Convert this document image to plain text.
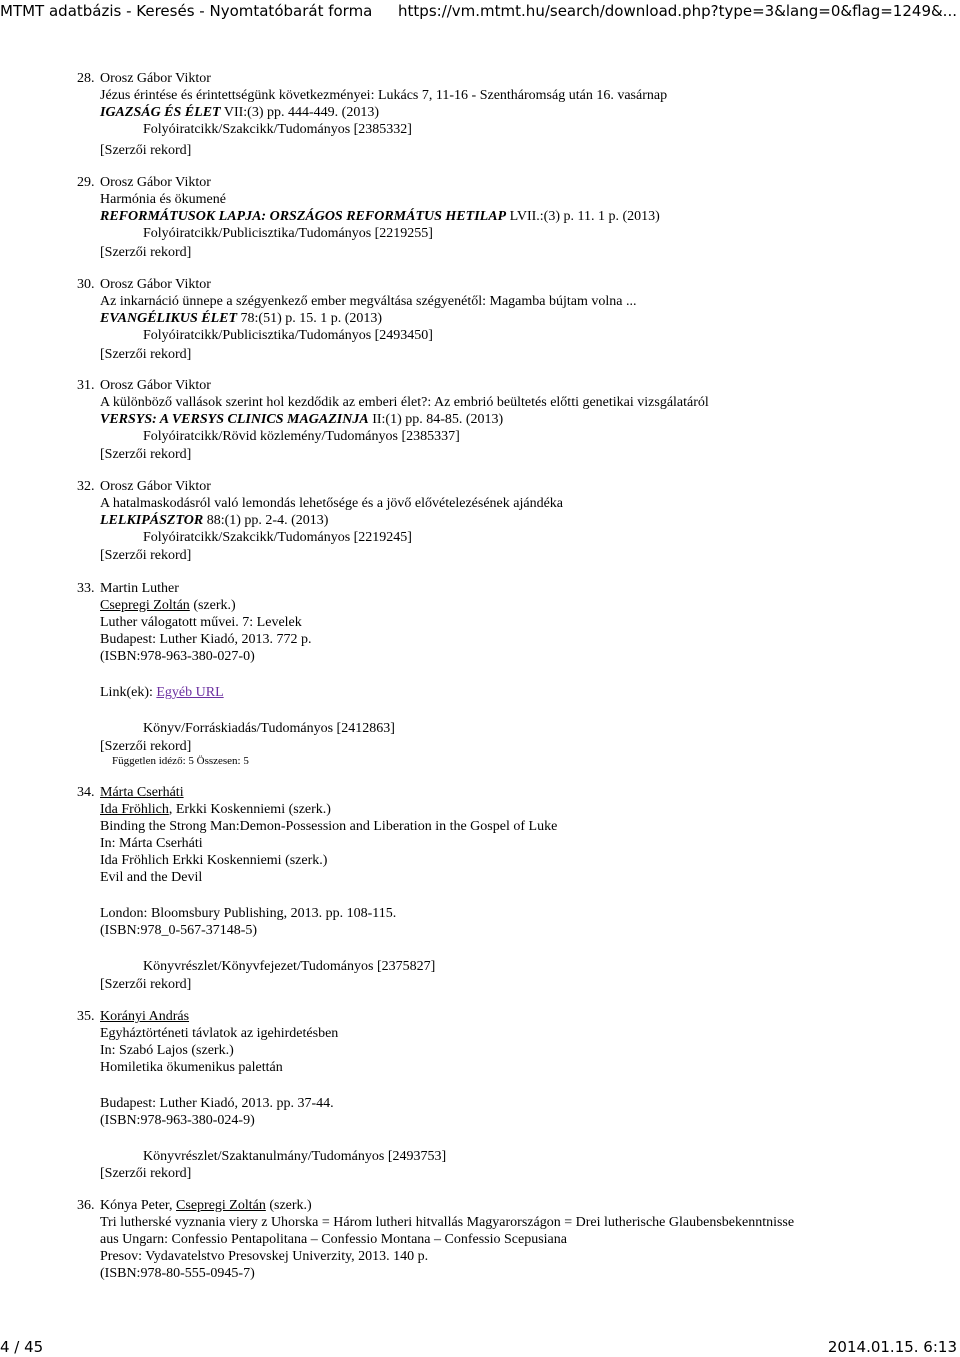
MTMT adatbázis - Keresés - Nyomtatóbarát forma https://vm.mtmt.hu/search/download.php?type=3&lang=0&flag=1249&...
28. Orosz Gábor Viktor
Jézus érintése és érintettségünk következményei: Lukács 7, 11-16 - Szentháromság után 16. vasárnap
IGAZSÁG ÉS ÉLET VII:(3) pp. 444-449. (2013)
Folyóiratcikk/Szakcikk/Tudományos [2385332]
[Szerzői rekord]
29. Orosz Gábor Viktor
Harmónia és ökumené
REFORMÁTUSOK LAPJA: ORSZÁGOS REFORMÁTUS HETILAP LVII.:(3) p. 11. 1 p. (2013)
Folyóiratcikk/Publicisztika/Tudományos [2219255]
[Szerzői rekord]
30. Orosz Gábor Viktor
Az inkarnáció ünnepe a szégyenkező ember megváltása szégyenétől: Magamba bújtam volna ...
EVANGÉLIKUS ÉLET 78:(51) p. 15. 1 p. (2013)
Folyóiratcikk/Publicisztika/Tudományos [2493450]
[Szerzői rekord]
31. Orosz Gábor Viktor
A különböző vallások szerint hol kezdődik az emberi élet?: Az embrió beültetés előtti genetikai vizsgálatáról
VERSYS: A VERSYS CLINICS MAGAZINJA II:(1) pp. 84-85. (2013)
Folyóiratcikk/Rövid közlemény/Tudományos [2385337]
[Szerzői rekord]
32. Orosz Gábor Viktor
A hatalmaskodásról való lemondás lehetősége és a jövő elővételezésének ajándéka
LELKIPÁSZTOR 88:(1) pp. 2-4. (2013)
Folyóiratcikk/Szakcikk/Tudományos [2219245]
[Szerzői rekord]
33. Martin Luther
Csepregi Zoltán (szerk.)
Luther válogatott művei. 7: Levelek
Budapest: Luther Kiadó, 2013. 772 p.
(ISBN:978-963-380-027-0)
Link(ek): Egyéb URL
Könyv/Forráskiadás/Tudományos [2412863]
[Szerzői rekord]
Független idéző: 5 Összesen: 5
34. Márta Cserháti
Ida Fröhlich, Erkki Koskenniemi (szerk.)
Binding the Strong Man:Demon-Possession and Liberation in the Gospel of Luke
In: Márta Cserháti
Ida Fröhlich Erkki Koskenniemi (szerk.)
Evil and the Devil
London: Bloomsbury Publishing, 2013. pp. 108-115.
(ISBN:978_0-567-37148-5)
Könyvrészlet/Könyvfejezet/Tudományos [2375827]
[Szerzői rekord]
35. Korányi András
Egyháztörténeti távlatok az igehirdetésben
In: Szabó Lajos (szerk.)
Homiletika ökumenikus palettán
Budapest: Luther Kiadó, 2013. pp. 37-44.
(ISBN:978-963-380-024-9)
Könyvrészlet/Szaktanulmány/Tudományos [2493753]
[Szerzői rekord]
36. Kónya Peter, Csepregi Zoltán (szerk.)
Tri lutherské vyznania viery z Uhorska = Három lutheri hitvallás Magyarországon = Drei lutherische Glaubensbekenntnisse
aus Ungarn: Confessio Pentapolitana – Confessio Montana – Confessio Scepusiana
Presov: Vydavatelstvo Presovskej Univerzity, 2013. 140 p.
(ISBN:978-80-555-0945-7)
4 / 45	2014.01.15. 6:13
